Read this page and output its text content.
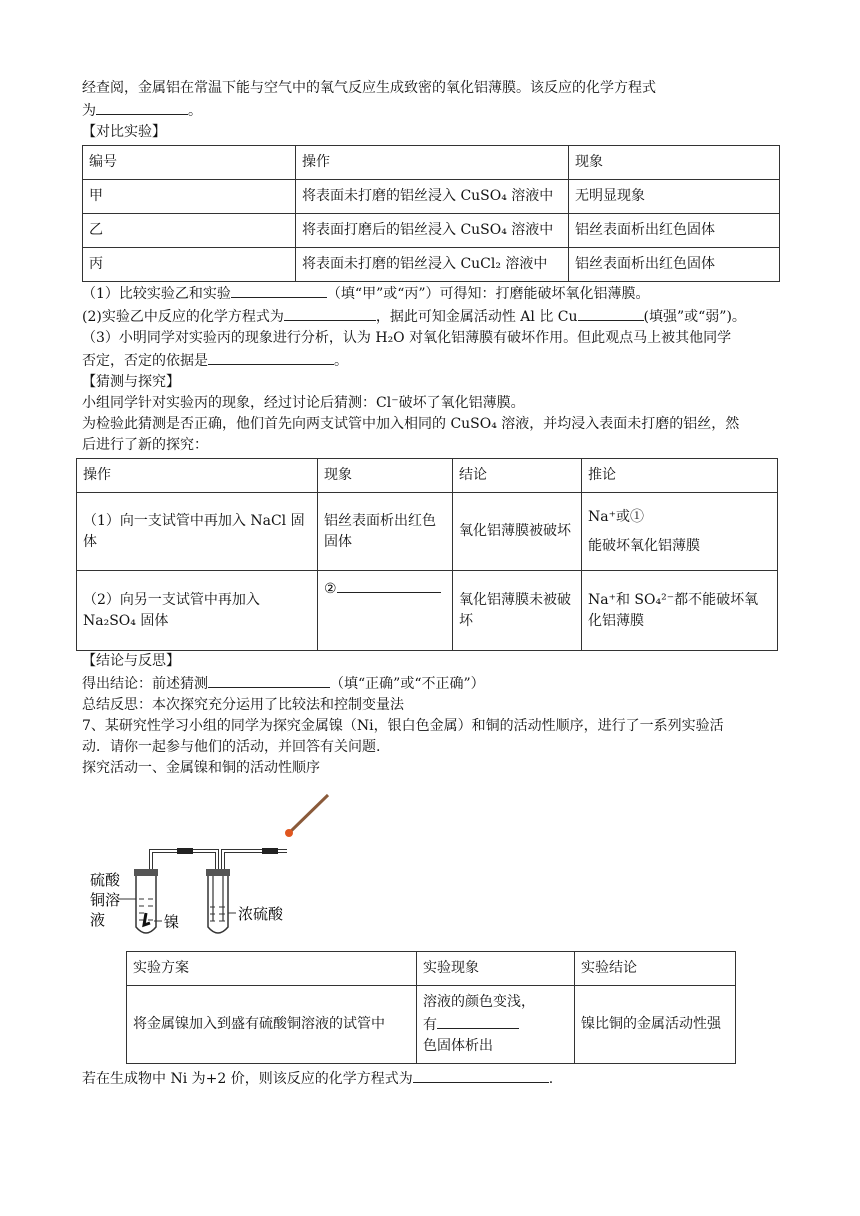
经查阅，金属铝在常温下能与空气中的氧气反应生成致密的氧化铝薄膜。该反应的化学方程式

为	。

【对比实验】

编号	操作	现象
甲	将表面未打磨的铝丝浸入 CuSO₄ 溶液中	无明显现象
乙	将表面打磨后的铝丝浸入 CuSO₄ 溶液中	铝丝表面析出红色固体
丙	将表面未打磨的铝丝浸入 CuCl₂ 溶液中	铝丝表面析出红色固体

（1）比较实验乙和实验	（填“甲”或“丙”）可得知：打磨能破坏氧化铝薄膜。

(2)实验乙中反应的化学方程式为	，据此可知金属活动性 Al 比 Cu	(填强”或“弱”)。

（3）小明同学对实验丙的现象进行分析，认为 H₂O 对氧化铝薄膜有破坏作用。但此观点马上被其他同学

否定，否定的依据是	。

【猜测与探究】

小组同学针对实验丙的现象，经过讨论后猜测：Cl⁻破坏了氧化铝薄膜。

为检验此猜测是否正确，他们首先向两支试管中加入相同的 CuSO₄ 溶液，并均浸入表面未打磨的铝丝，然

后进行了新的探究：

操作	现象	结论	推论
（1）向一支试管中再加入 NaCl 固体	铝丝表面析出红色固体	氧化铝薄膜被破坏	Na⁺或①
能破坏氧化铝薄膜

（2）向另一支试管中再加入 Na₂SO₄ 固体	②	氧化铝薄膜未被破坏	Na⁺和 SO₄²⁻都不能破坏氧化铝薄膜

【结论与反思】

得出结论：前述猜测	（填“正确”或“不正确”）

总结反思：本次探究充分运用了比较法和控制变量法

7、某研究性学习小组的同学为探究金属镍（Ni，银白色金属）和铜的活动性顺序，进行了一系列实验活

动．请你一起参与他们的活动，并回答有关问题.

探究活动一、金属镍和铜的活动性顺序

硫酸
铜溶
液	镍	浓硫酸
实验方案	实验现象	实验结论
将金属镍加入到盛有硫酸铜溶液的试管中	溶液的颜色变浅，
有
色固体析出	镍比铜的金属活动性强

若在生成物中 Ni 为+2 价，则该反应的化学方程式为	.
